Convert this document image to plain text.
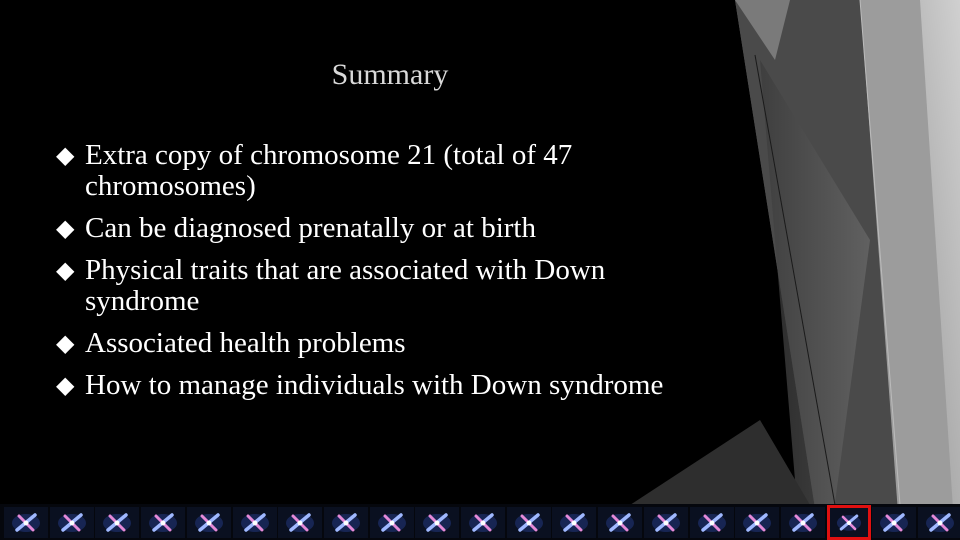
Summary
◆ Extra copy of chromosome 21 (total of 47 chromosomes)
◆ Can be diagnosed prenatally or at birth
◆ Physical traits that are associated with Down syndrome
◆ Associated health problems
◆ How to manage individuals with Down syndrome
